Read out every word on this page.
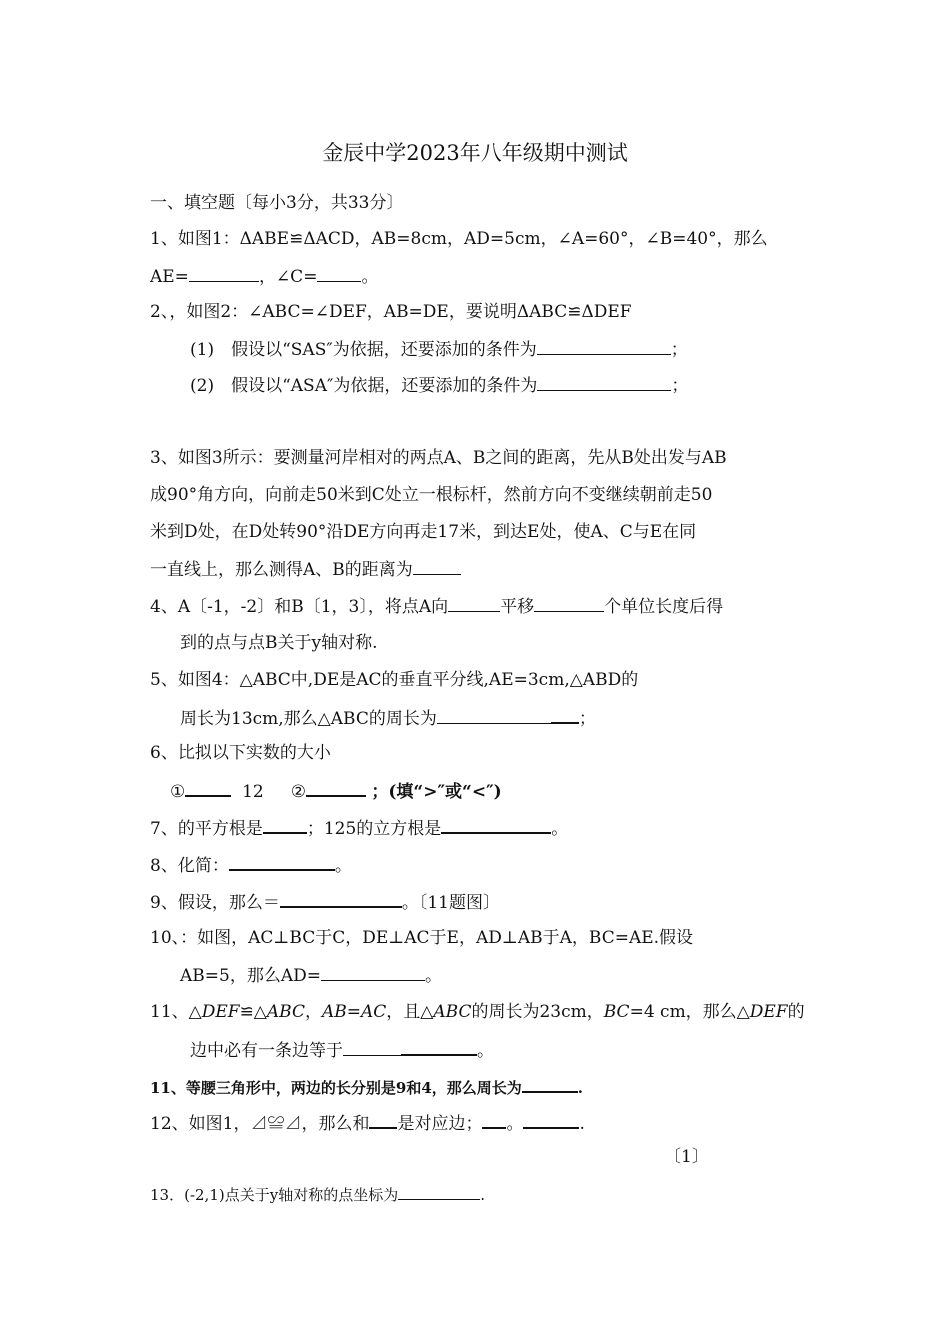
金辰中学2023年八年级期中测试
一、填空题〔每小3分，共33分〕
1、如图1：ΔABE≌ΔACD，AB=8cm，AD=5cm，∠A=60°，∠B=40°，那么
AE=	，∠C=	。
2、，如图2：∠ABC=∠DEF，AB=DE，要说明ΔABC≌ΔDEF
(1)　假设以“SAS″为依据，还要添加的条件为	；
(2)　假设以“ASA″为依据，还要添加的条件为	；
3、如图3所示：要测量河岸相对的两点A、B之间的距离，先从B处出发与AB
成90°角方向，向前走50米到C处立一根标杆，然前方向不变继续朝前走50
米到D处，在D处转90°沿DE方向再走17米，到达E处，使A、C与E在同
一直线上，那么测得A、B的距离为
4、A〔-1，-2〕和B〔1，3〕，将点A向	平移	个单位长度后得
到的点与点B关于y轴对称.
5、如图4：△ABC中,DE是AC的垂直平分线,AE=3cm,△ABD的
周长为13cm,那么△ABC的周长为	；
6、比拟以下实数的大小
①	12 ②	；(填“>″或“<″)
7、的平方根是	；125的立方根是	。
8、化简：	。
9、假设，那么＝	。〔11题图〕
10、：如图，AC⊥BC于C，DE⊥AC于E，AD⊥AB于A，BC=AE.假设
AB=5，那么AD=	。
11、△DEF≌△ABC，AB=AC，且△ABC的周长为23cm，BC=4 cm，那么△DEF的
边中必有一条边等于	。
11、等腰三角形中，两边的长分别是9和4，那么周长为	.
12、如图1，⊿≌⊿，那么和 是对应边； 。	.
〔1〕
13．(-2,1)点关于y轴对称的点坐标为	.
